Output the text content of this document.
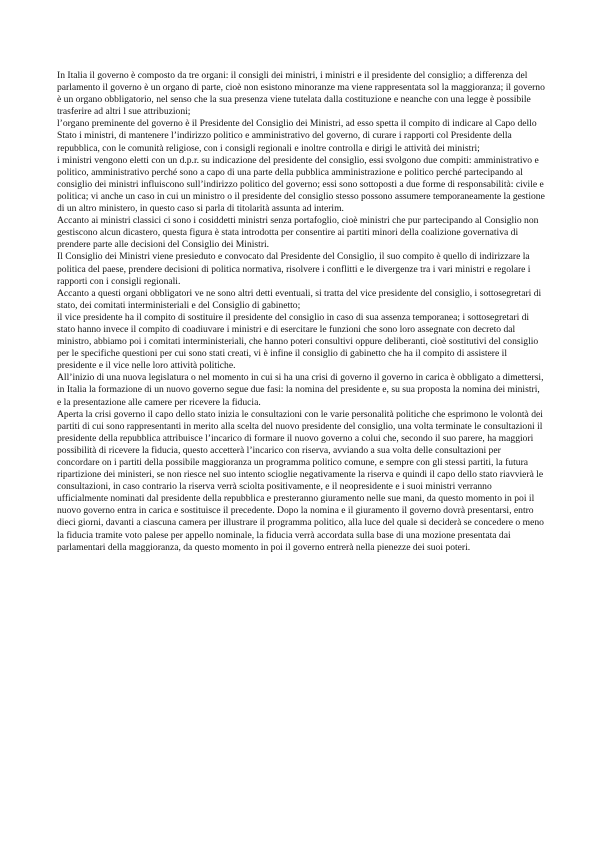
In Italia il governo è composto da tre organi: il consigli dei ministri, i ministri e il presidente del consiglio; a differenza del parlamento il governo è un organo di parte, cioè non esistono minoranze ma viene rappresentata sol la maggioranza; il governo è un organo obbligatorio, nel senso che la sua presenza viene tutelata dalla costituzione e neanche con una legge è possibile trasferire ad altri l sue attribuzioni;

l’organo preminente del governo è il Presidente del Consiglio dei Ministri, ad esso spetta il compito di indicare al Capo dello Stato i ministri, di mantenere l’indirizzo politico e amministrativo del governo, di curare i rapporti col Presidente della repubblica, con le comunità religiose, con i consigli regionali e inoltre controlla e dirigi le attività dei ministri;

i ministri vengono eletti con un d.p.r. su indicazione del presidente del consiglio, essi svolgono due compiti: amministrativo e politico, amministrativo perché sono a capo di una parte della pubblica amministrazione e politico perché partecipando al consiglio dei ministri influiscono sull’indirizzo politico del governo; essi sono sottoposti a due forme di responsabilità: civile e politica; vi anche un caso in cui un ministro o il presidente del consiglio stesso possono assumere temporaneamente la gestione di un altro ministero, in questo caso si parla di titolarità assunta ad interim.

Accanto ai ministri classici ci sono i cosiddetti ministri senza portafoglio, cioè ministri che pur partecipando al Consiglio non gestiscono alcun dicastero, questa figura è stata introdotta per consentire ai partiti minori della coalizione governativa di prendere parte alle decisioni del Consiglio dei Ministri.

Il Consiglio dei Ministri viene presieduto e convocato dal Presidente del Consiglio, il suo compito è quello di indirizzare la politica del paese, prendere decisioni di politica normativa, risolvere i conflitti e le divergenze tra i vari ministri e regolare i rapporti con i consigli regionali.

Accanto a questi organi obbligatori ve ne sono altri detti eventuali, si tratta del vice presidente del consiglio, i sottosegretari di stato, dei comitati interministeriali e del Consiglio di gabinetto;

il vice presidente ha il compito di sostituire il presidente del consiglio in caso di sua assenza temporanea; i sottosegretari di stato hanno invece il compito di coadiuvare i ministri e di esercitare le funzioni che sono loro assegnate con decreto dal ministro, abbiamo poi i comitati interministeriali, che hanno poteri consultivi oppure deliberanti, cioè sostitutivi del consiglio per le specifiche questioni per cui sono stati creati, vi è infine il consiglio di gabinetto che ha il compito di assistere il presidente e il vice nelle loro attività politiche.

All’inizio di una nuova legislatura o nel momento in cui si ha una crisi di governo il governo in carica è obbligato a dimettersi, in Italia la formazione di un nuovo governo segue due fasi: la nomina del presidente e, su sua proposta la nomina dei ministri, e la presentazione alle camere per ricevere la fiducia.

Aperta la crisi governo il capo dello stato inizia le consultazioni con le varie personalità politiche che esprimono le volontà dei partiti di cui sono rappresentanti in merito alla scelta del nuovo presidente del consiglio, una volta terminate le consultazioni il presidente della repubblica attribuisce l’incarico di formare il nuovo governo a colui che, secondo il suo parere, ha maggiori possibilità di ricevere la fiducia, questo accetterà l’incarico con riserva, avviando a sua volta delle consultazioni per concordare on i partiti della possibile maggioranza un programma politico comune, e sempre con gli stessi partiti, la futura ripartizione dei ministeri, se non riesce nel suo intento scioglie negativamente la riserva e quindi il capo dello stato riavvierà le consultazioni, in caso contrario la riserva verrà sciolta positivamente, e il neopresidente e i suoi ministri verranno ufficialmente nominati dal presidente della repubblica e presteranno giuramento nelle sue mani, da questo momento in poi il nuovo governo entra in carica e sostituisce il precedente. Dopo la nomina e il giuramento il governo dovrà presentarsi, entro dieci giorni, davanti a ciascuna camera per illustrare il programma politico, alla luce del quale si deciderà se concedere o meno la fiducia tramite voto palese per appello nominale, la fiducia verrà accordata sulla base di una mozione presentata dai parlamentari della maggioranza, da questo momento in poi il governo entrerà nella pienezze dei suoi poteri.
